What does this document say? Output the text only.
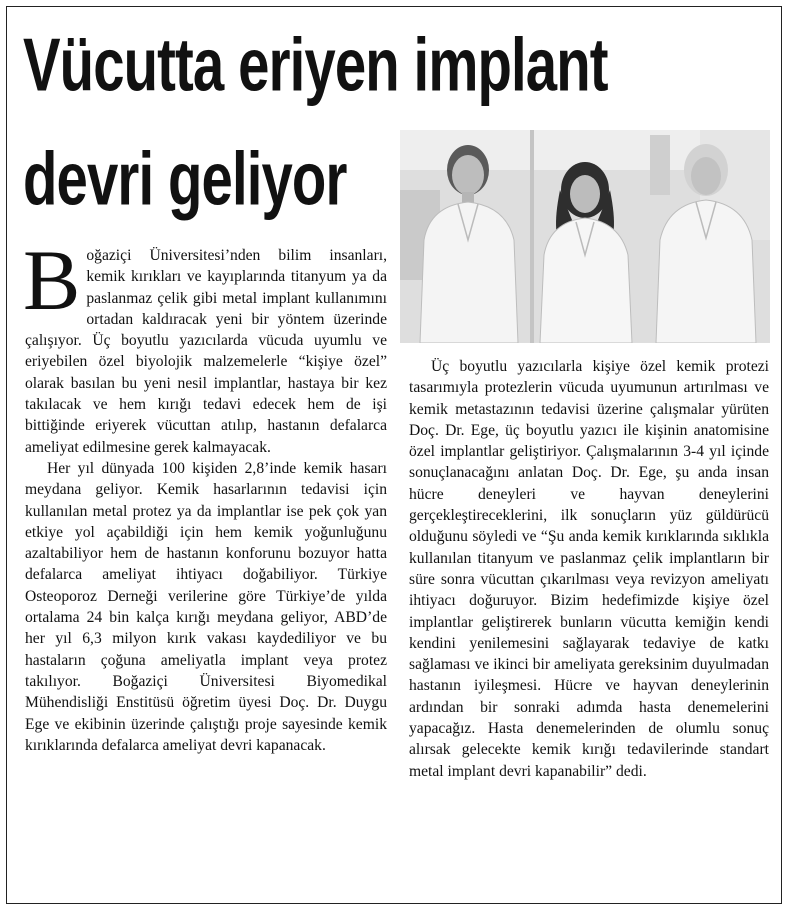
Vücutta eriyen implant
devri geliyor

Boğaziçi Üniversitesi’nden bilim insanları, kemik kırıkları ve kayıplarında titanyum ya da paslanmaz çelik gibi metal implant kullanımını ortadan kaldıracak yeni bir yöntem üzerinde çalışıyor. Üç boyutlu yazıcılarda vücuda uyumlu ve eriyebilen özel biyolojik malzemelerle “kişiye özel” olarak basılan bu yeni nesil implantlar, hastaya bir kez takılacak ve hem kırığı tedavi edecek hem de işi bittiğinde eriyerek vücuttan atılıp, hastanın defalarca ameliyat edilmesine gerek kalmayacak.

Her yıl dünyada 100 kişiden 2,8’inde kemik hasarı meydana geliyor. Kemik hasarlarının tedavisi için kullanılan metal protez ya da implantlar ise pek çok yan etkiye yol açabildiği için hem kemik yoğunluğunu azaltabiliyor hem de hastanın konforunu bozuyor hatta defalarca ameliyat ihtiyacı doğabiliyor. Türkiye Osteoporoz Derneği verilerine göre Türkiye’de yılda ortalama 24 bin kalça kırığı meydana geliyor, ABD’de her yıl 6,3 milyon kırık vakası kaydediliyor ve bu hastaların çoğuna ameliyatla implant veya protez takılıyor. Boğaziçi Üniversitesi Biyomedikal Mühendisliği Enstitüsü öğretim üyesi Doç. Dr. Duygu Ege ve ekibinin üzerinde çalıştığı proje sayesinde kemik kırıklarında defalarca ameliyat devri kapanacak.

Üç boyutlu yazıcılarla kişiye özel kemik protezi tasarımıyla protezlerin vücuda uyumunun artırılması ve kemik metastazının tedavisi üzerine çalışmalar yürüten Doç. Dr. Ege, üç boyutlu yazıcı ile kişinin anatomisine özel implantlar geliştiriyor. Çalışmalarının 3-4 yıl içinde sonuçlanacağını anlatan Doç. Dr. Ege, şu anda insan hücre deneyleri ve hayvan deneylerini gerçekleştireceklerini, ilk sonuçların yüz güldürücü olduğunu söyledi ve “Şu anda kemik kırıklarında sıklıkla kullanılan titanyum ve paslanmaz çelik implantların bir süre sonra vücuttan çıkarılması veya revizyon ameliyatı ihtiyacı doğuruyor. Bizim hedefimizde kişiye özel implantlar geliştirerek bunların vücutta kemiğin kendi kendini yenilemesini sağlayarak tedaviye de katkı sağlaması ve ikinci bir ameliyata gereksinim duyulmadan hastanın iyileşmesi. Hücre ve hayvan deneylerinin ardından bir sonraki adımda hasta denemelerini yapacağız. Hasta denemelerinden de olumlu sonuç alırsak gelecekte kemik kırığı tedavilerinde standart metal implant devri kapanabilir” dedi.
